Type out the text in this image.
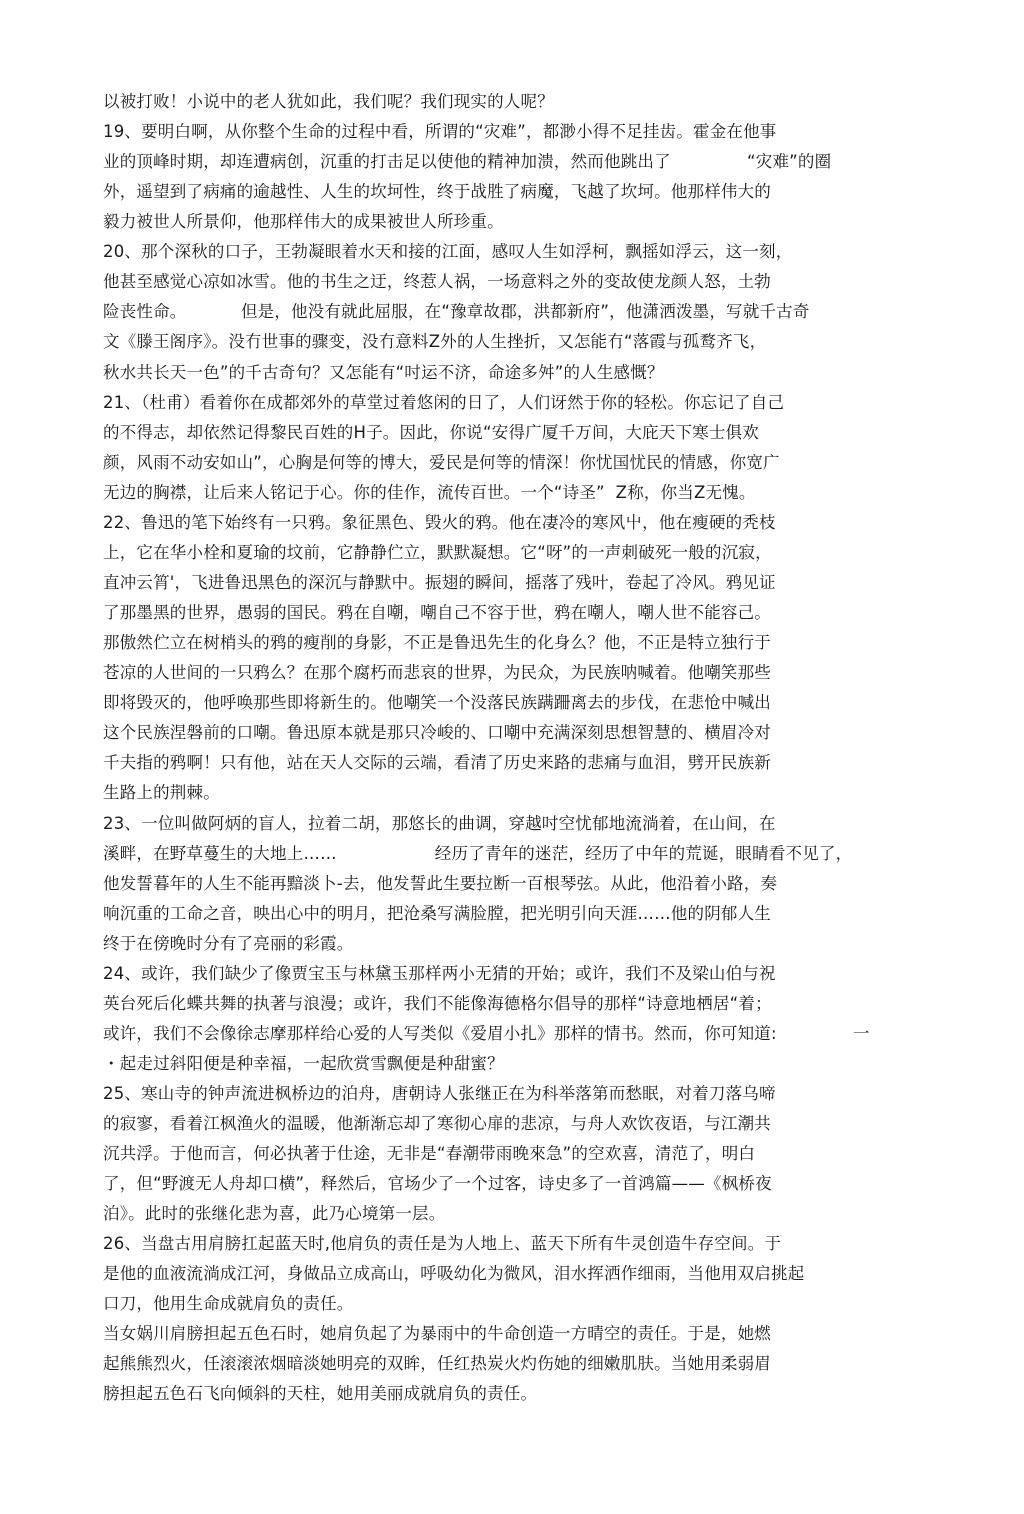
以被打败！小说中的老人犹如此，我们呢？我们现实的人呢？
19、要明白啊，从你整个生命的过程中看，所谓的“灾难”，都渺小得不足挂齿。霍金在他事
业的顶峰时期，却连遭病创，沉重的打击足以使他的精神加溃，然而他跳出了              “灾难”的圈
外，遥望到了病痛的逾越性、人生的坎坷性，终于战胜了病魔，飞越了坎坷。他那样伟大的
毅力被世人所景仰，他那样伟大的成果被世人所珍重。
20、那个深秋的口子，王勃凝眼着水天和接的江面，感叹人生如浮柯，飘摇如浮云，这一刻，
他甚至感觉心凉如冰雪。他的书生之迂，终惹人祸，一场意料之外的变故使龙颜人怒，土勃
险丧性命。          但是，他没有就此屈服，在“豫章故郡，洪都新府”，他潇洒泼墨，写就千古奇
文《滕王阁序》。没冇世事的骤变，没冇意料Z外的人生挫折，又怎能冇“落霞与孤鹜齐飞，
秋水共长天一色”的千古奇句？又怎能有“吋运不济，命途多舛”的人生感慨？
21、（杜甫）看着你在成都郊外的草堂过着悠闲的日了，人们讶然于你的轻松。你忘记了自己
的不得志，却依然记得黎民百姓的H子。因此，你说“安得广厦千万间，大庇天下寒士俱欢
颜，风雨不动安如山”，心胸是何等的博大，爱民是何等的情深！你忧国忧民的情感，你宽广
无边的胸襟，让后来人铭记于心。你的佳作，流传百世。一个“诗圣”  Z称，你当Z无愧。
22、鲁迅的笔下始终有一只鸦。象征黑色、毁火的鸦。他在凄冷的寒风屮，他在瘦硬的秃枝
上，它在华小栓和夏瑜的坟前，它静静伫立，默默凝想。它“呀”的一声刺破死一般的沉寂，
直冲云筲'，飞进鲁迅黑色的深沉与静默中。振翅的瞬间，摇落了残叶，卷起了冷风。鸦见证
了那墨黑的世界，愚弱的国民。鸦在自嘲，嘲自己不容于世，鸦在嘲人，嘲人世不能容己。
那傲然伫立在树梢头的鸦的瘦削的身影，不正是鲁迅先生的化身么？他，不正是特立独行于
苍凉的人世间的一只鸦么？在那个腐朽而悲哀的世界，为民众，为民族呐喊着。他嘲笑那些
即将毁灭的，他呼唤那些即将新生的。他嘲笑一个没落民族蹒跚离去的步伐，在悲怆中喊出
这个民族涅磐前的口嘲。鲁迅原本就是那只冷峻的、口嘲中充满深刻思想智慧的、横眉冷对
千夫指的鸦啊！只有他，站在天人交际的云端，看清了历史来路的悲痛与血泪，劈开民族新
生路上的荆棘。
23、一位叫做阿炳的盲人，拉着二胡，那悠长的曲调，穿越吋空忧郁地流淌着，在山间，在
溪畔，在野草蔓生的大地上……                  经历了青年的迷茫，经历了中年的荒诞，眼睛看不见了，
他发誓暮年的人生不能再黯淡卜-去，他发誓此生要拉断一百根琴弦。从此，他沿着小路，奏
响沉重的工命之音，映出心中的明月，把沧桑写满脸膛，把光明引向天涯……他的阴郁人生
终于在傍晚时分有了亮丽的彩霞。
24、或许，我们缺少了像贾宝玉与林黛玉那样两小无猜的开始；或许，我们不及梁山伯与祝
英台死后化蝶共舞的执著与浪漫；或许，我们不能像海德格尔倡导的那样“诗意地栖居“着；
或许，我们不会像徐志摩那样给心爱的人写类似《爱眉小扎》那样的情书。然而，你可知道:              一
・起走过斜阳便是种幸福，一起欣赏雪飘便是种甜蜜？
25、寒山寺的钟声流进枫桥边的泊舟，唐朝诗人张继正在为科举落第而愁眠，对着刀落乌啼
的寂寥，看着江枫渔火的温暖，他渐渐忘却了寒彻心扉的悲凉，与舟人欢饮夜语，与江潮共
沉共浮。于他而言，何必执著于仕途，无非是“春潮带雨晚來急”的空欢喜，清范了，明白
了，但“野渡无人舟却口横”，释然后，官场少了一个过客，诗史多了一首鸿篇——《枫桥夜
泊》。此时的张继化悲为喜，此乃心境第一层。
26、当盘古用肩膀扛起蓝天时,他肩负的责任是为人地上、蓝天下所有牛灵创造牛存空间。于
是他的血液流淌成江河，身做品立成高山，呼吸幼化为微风，泪水挥洒作细雨，当他用双启挑起
口刀，他用生命成就肩负的责任。
当女娲川肩膀担起五色石时，她肩负起了为暴雨中的牛命创造一方晴空的责任。于是，她燃
起熊熊烈火，任滚滚浓烟暗淡她明亮的双眸，任红热炭火灼伤她的细嫩肌肤。当她用柔弱眉
膀担起五色石飞向倾斜的天柱，她用美丽成就肩负的责任。
